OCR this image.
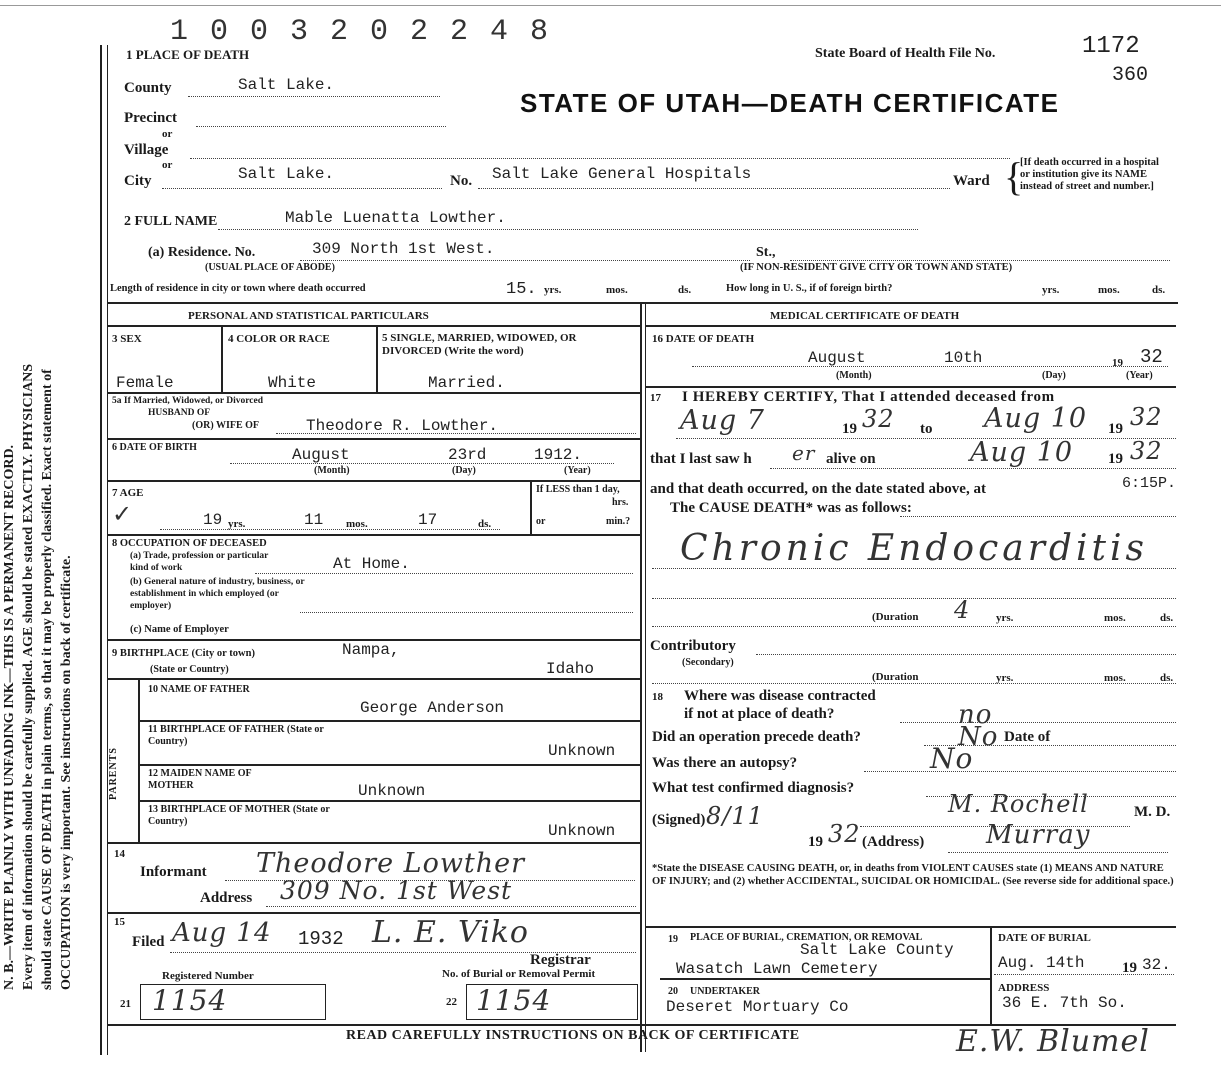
N. B.—WRITE PLAINLY WITH UNFADING INK—THIS IS A PERMANENT RECORD. Every item of information should be carefully supplied. AGE should be stated EXACTLY. PHYSICIANS should state CAUSE OF DEATH in plain terms, so that it may be properly classified. Exact statement of OCCUPATION is very important. See instructions on back of certificate.
1 PLACE OF DEATH
1 0 0 3 2 0 2 2 4 8
State Board of Health File No.	1172
360
STATE OF UTAH—DEATH CERTIFICATE
County	Salt Lake.
Precinct
or
Village
or
City	Salt Lake.	No. Salt Lake General Hospitals	Ward {
[If death occurred in a hospital or institution give its NAME instead of street and number.]
2 FULL NAME	Mable Luenatta Lowther.
(a) Residence. No.	309 North 1st West.	St.,
(USUAL PLACE OF ABODE)	(IF NON-RESIDENT GIVE CITY OR TOWN AND STATE)
Length of residence in city or town where death occurred	15. yrs.	mos.	ds.	How long in U. S., if of foreign birth?	yrs.	mos.	ds.
PERSONAL AND STATISTICAL PARTICULARS	MEDICAL CERTIFICATE OF DEATH
3 SEX	4 COLOR OR RACE	5 SINGLE, MARRIED, WIDOWED, OR DIVORCED (Write the word)
Female	White	Married.
5a If Married, Widowed, or Divorced
HUSBAND OF
(OR) WIFE OF	Theodore R. Lowther.
6 DATE OF BIRTH	August	23rd	1912.
(Month)	(Day)	(Year)
7 AGE
✓	19 yrs.	11 mos.	17	ds.
If LESS than 1 day,
hrs.
or	min.?
8 OCCUPATION OF DECEASED
(a) Trade, profession or particular kind of work	At Home.
(b) General nature of industry, business, or establishment in which employed (or employer)
(c) Name of Employer
9 BIRTHPLACE (City or town)	Nampa,
(State or Country)	Idaho
PARENTS
10 NAME OF FATHER
George Anderson
11 BIRTHPLACE OF FATHER (State or Country)
Unknown
12 MAIDEN NAME OF MOTHER	Unknown
13 BIRTHPLACE OF MOTHER (State or Country)
Unknown
14
Informant Theodore Lowther
Address 309 No. 1st West
15
Filed Aug 14 1932 L. E. Viko
Registrar
Registered Number	No. of Burial or Removal Permit
21 1154	22 1154
16 DATE OF DEATH
August	10th	19 32
(Month)	(Day)	(Year)
17 I HEREBY CERTIFY, That I attended deceased from
Aug 7	19 32 to Aug 10 19 32
that I last saw h er alive on	Aug 10 19 32
and that death occurred, on the date stated above, at	6:15P.
The CAUSE DEATH* was as follows:
Chronic Endocarditis
(Duration 4 yrs.	mos.	ds.
Contributory
(Secondary)
(Duration	yrs.	mos.	ds.
18 Where was disease contracted
if not at place of death?	no
Did an operation precede death?	No Date of
Was there an autopsy?	No
What test confirmed diagnosis?
(Signed) 8/11
19 32
M. Rochell	M. D.
(Address) Murray
*State the DISEASE CAUSING DEATH, or, in deaths from VIOLENT CAUSES state (1) MEANS AND NATURE OF INJURY; and (2) whether ACCIDENTAL, SUICIDAL OR HOMICIDAL. (See reverse side for additional space.)
19 PLACE OF BURIAL, CREMATION, OR REMOVAL
Salt Lake County
Wasatch Lawn Cemetery
DATE OF BURIAL
Aug. 14th	19 32.
20 UNDERTAKER
Deseret Mortuary Co
ADDRESS
36 E. 7th So.
READ CAREFULLY INSTRUCTIONS ON BACK OF CERTIFICATE	E.W. Blumel
